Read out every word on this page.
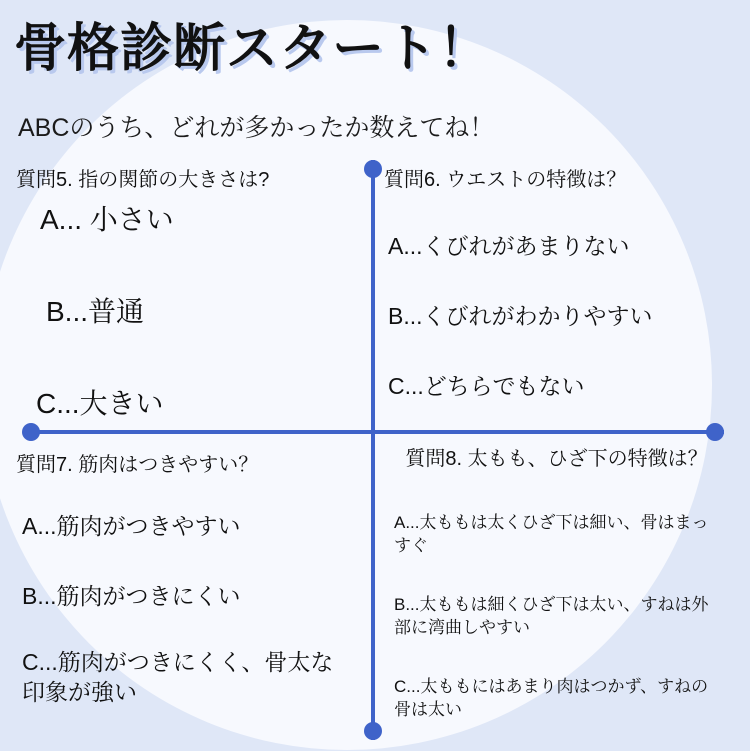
骨格診断スタート！
ABCのうち、どれが多かったか数えてね！
質問5. 指の関節の大きさは?
A... 小さい
B...普通
C...大きい
質問6. ウエストの特徴は？
A...くびれがあまりない
B...くびれがわかりやすい
C...どちらでもない
質問7. 筋肉はつきやすい？
A...筋肉がつきやすい
B...筋肉がつきにくい
C...筋肉がつきにくく、骨太な印象が強い
質問8. 太もも、ひざ下の特徴は？
A...太ももは太くひざ下は細い、骨はまっすぐ
B...太ももは細くひざ下は太い、すねは外部に湾曲しやすい
C...太ももにはあまり肉はつかず、すねの骨は太い
